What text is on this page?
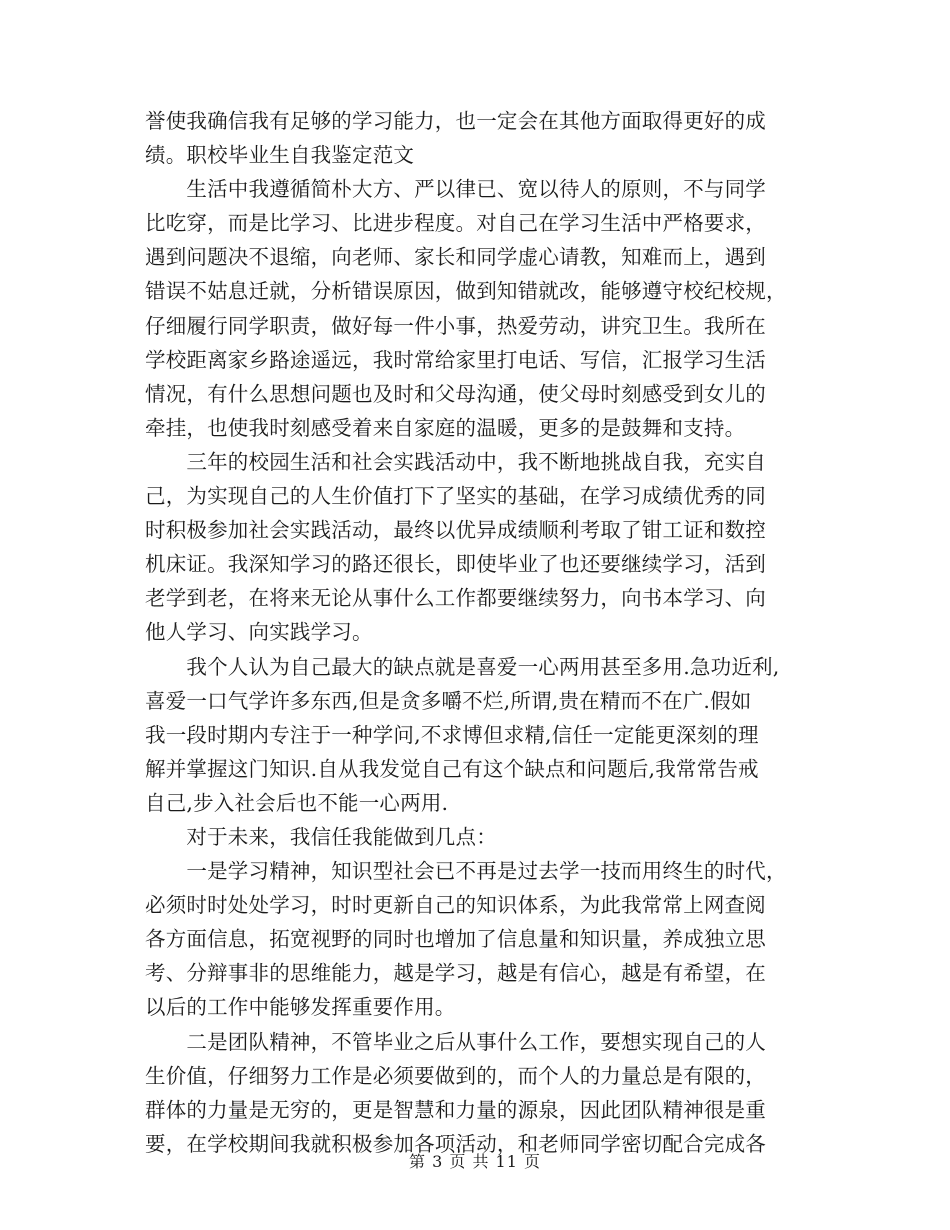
誉使我确信我有足够的学习能力，也一定会在其他方面取得更好的成
绩。职校毕业生自我鉴定范文
　　生活中我遵循简朴大方、严以律已、宽以待人的原则，不与同学
比吃穿，而是比学习、比进步程度。对自己在学习生活中严格要求，
遇到问题决不退缩，向老师、家长和同学虚心请教，知难而上，遇到
错误不姑息迁就，分析错误原因，做到知错就改，能够遵守校纪校规，
仔细履行同学职责，做好每一件小事，热爱劳动，讲究卫生。我所在
学校距离家乡路途遥远，我时常给家里打电话、写信，汇报学习生活
情况，有什么思想问题也及时和父母沟通，使父母时刻感受到女儿的
牵挂，也使我时刻感受着来自家庭的温暖，更多的是鼓舞和支持。
　　三年的校园生活和社会实践活动中，我不断地挑战自我，充实自
己，为实现自己的人生价值打下了坚实的基础，在学习成绩优秀的同
时积极参加社会实践活动，最终以优异成绩顺利考取了钳工证和数控
机床证。我深知学习的路还很长，即使毕业了也还要继续学习，活到
老学到老，在将来无论从事什么工作都要继续努力，向书本学习、向
他人学习、向实践学习。
　　我个人认为自己最大的缺点就是喜爱一心两用甚至多用.急功近利,
喜爱一口气学许多东西,但是贪多嚼不烂,所谓,贵在精而不在广.假如
我一段时期内专注于一种学问,不求博但求精,信任一定能更深刻的理
解并掌握这门知识.自从我发觉自己有这个缺点和问题后,我常常告戒
自己,步入社会后也不能一心两用.
　　对于未来，我信任我能做到几点：
　　一是学习精神，知识型社会已不再是过去学一技而用终生的时代，
必须时时处处学习，时时更新自己的知识体系，为此我常常上网查阅
各方面信息，拓宽视野的同时也增加了信息量和知识量，养成独立思
考、分辩事非的思维能力，越是学习，越是有信心，越是有希望，在
以后的工作中能够发挥重要作用。
　　二是团队精神，不管毕业之后从事什么工作，要想实现自己的人
生价值，仔细努力工作是必须要做到的，而个人的力量总是有限的，
群体的力量是无穷的，更是智慧和力量的源泉，因此团队精神很是重
要，在学校期间我就积极参加各项活动，和老师同学密切配合完成各
第 3 页 共 11 页
